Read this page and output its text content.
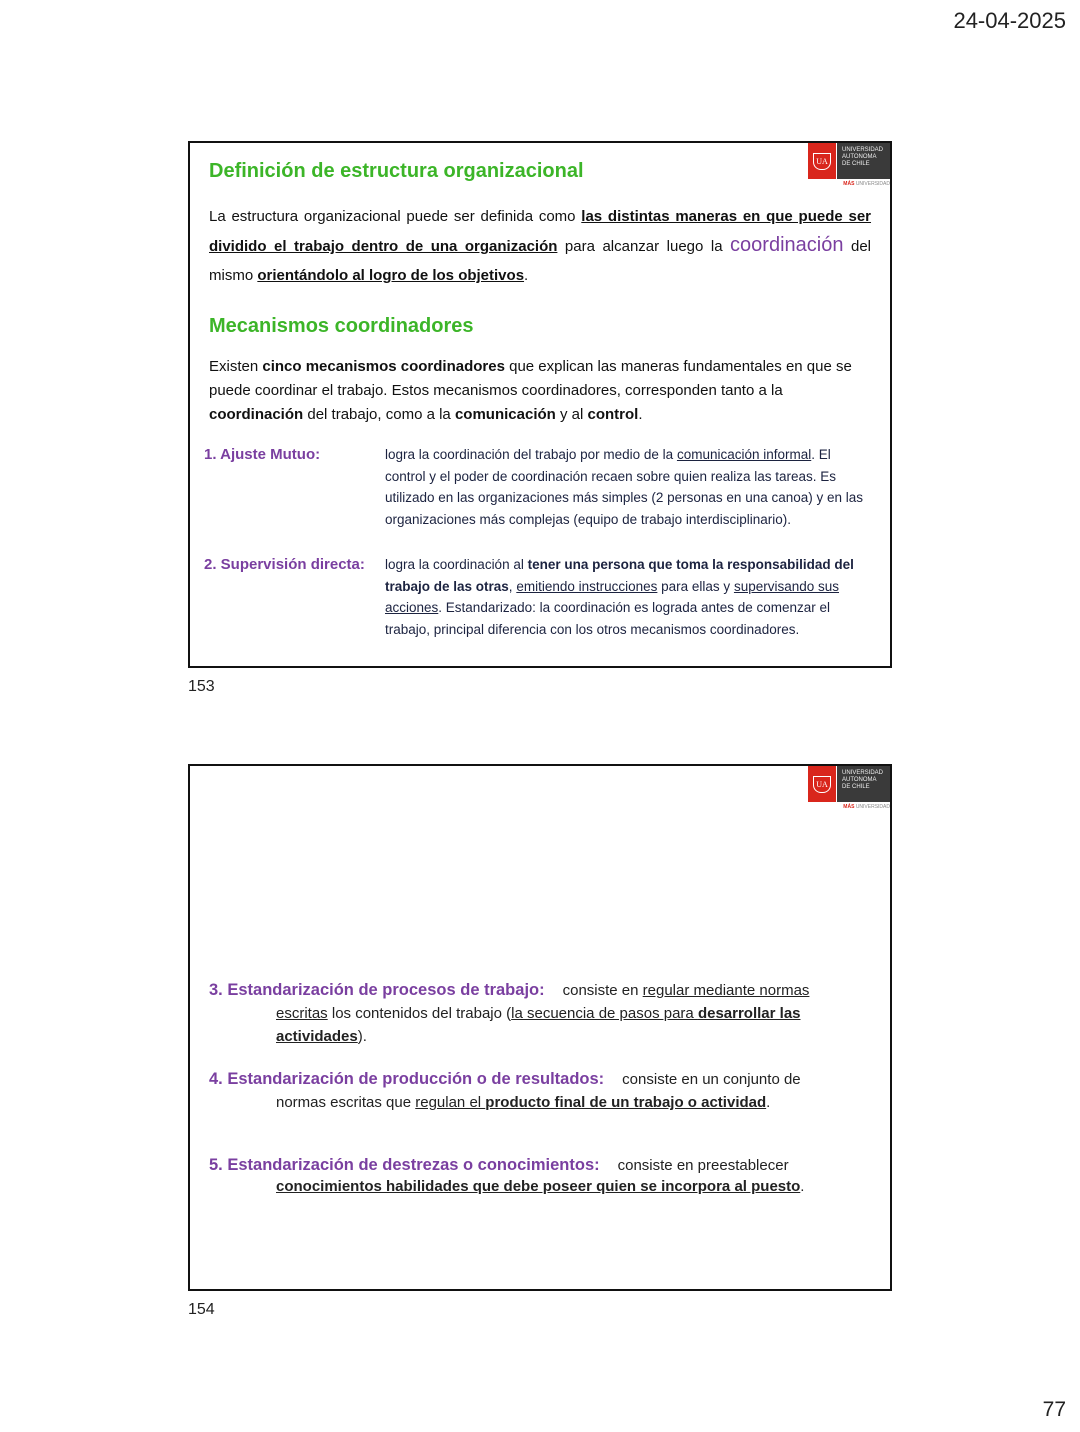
24-04-2025
UA
UNIVERSIDAD
AUTONOMA
DE CHILE
MÁS UNIVERSIDAD
Definición de estructura organizacional
La estructura organizacional puede ser definida como las distintas maneras en que puede ser dividido el trabajo dentro de una organización para alcanzar luego la coordinación del mismo orientándolo al logro de los objetivos.
Mecanismos coordinadores
Existen cinco mecanismos coordinadores que explican las maneras fundamentales en que se puede coordinar el trabajo. Estos mecanismos coordinadores, corresponden tanto a la coordinación del trabajo, como a la comunicación y al control.
1. Ajuste Mutuo:	logra la coordinación del trabajo por medio de la comunicación informal. El control y el poder de coordinación recaen sobre quien realiza las tareas. Es utilizado en las organizaciones más simples (2 personas en una canoa) y en las organizaciones más complejas (equipo de trabajo interdisciplinario).
2. Supervisión directa: logra la coordinación al tener una persona que toma la responsabilidad del trabajo de las otras, emitiendo instrucciones para ellas y supervisando sus acciones. Estandarizado: la coordinación es lograda antes de comenzar el trabajo, principal diferencia con los otros mecanismos coordinadores.
153
UA
UNIVERSIDAD
AUTONOMA
DE CHILE
MÁS UNIVERSIDAD
3. Estandarización de procesos de trabajo: consiste en regular mediante normas
escritas los contenidos del trabajo (la secuencia de pasos para desarrollar las actividades).
4. Estandarización de producción o de resultados: consiste en un conjunto de
normas escritas que regulan el producto final de un trabajo o actividad.
5. Estandarización de destrezas o conocimientos: consiste en preestablecer
conocimientos habilidades que debe poseer quien se incorpora al puesto.
154
77
